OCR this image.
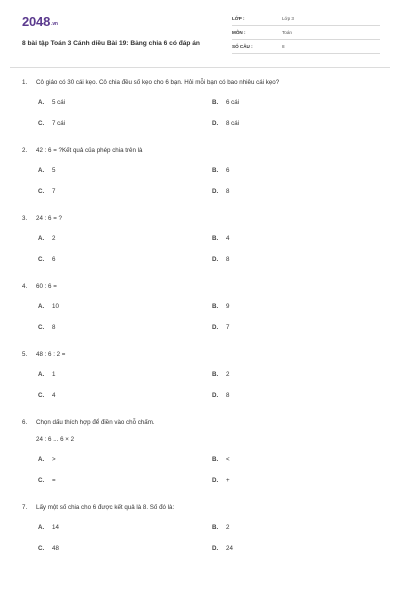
2048.vn
8 bài tập Toán 3 Cánh diều Bài 19: Bảng chia 6 có đáp án
LỚP :	Lớp 3
MÔN :	Toán
SỐ CÂU :	8
1. Cô giáo có 30 cái kẹo. Cô chia đều số kẹo cho 6 bạn. Hỏi mỗi bạn có bao nhiêu cái kẹo?
A. 5 cái	B. 6 cái
C. 7 cái	D. 8 cái
2. 42 : 6 = ?Kết quả của phép chia trên là
A. 5	B. 6
C. 7	D. 8
3. 24 : 6 = ?
A. 2	B. 4
C. 6	D. 8
4. 60 : 6 =
A. 10	B. 9
C. 8	D. 7
5. 48 : 6 : 2 =
A. 1	B. 2
C. 4	D. 8
6. Chọn dấu thích hợp để điền vào chỗ chấm.
24 : 6 ... 6 × 2
A. >	B. <
C. =	D. +
7. Lấy một số chia cho 6 được kết quả là 8. Số đó là:
A. 14	B. 2
C. 48	D. 24
